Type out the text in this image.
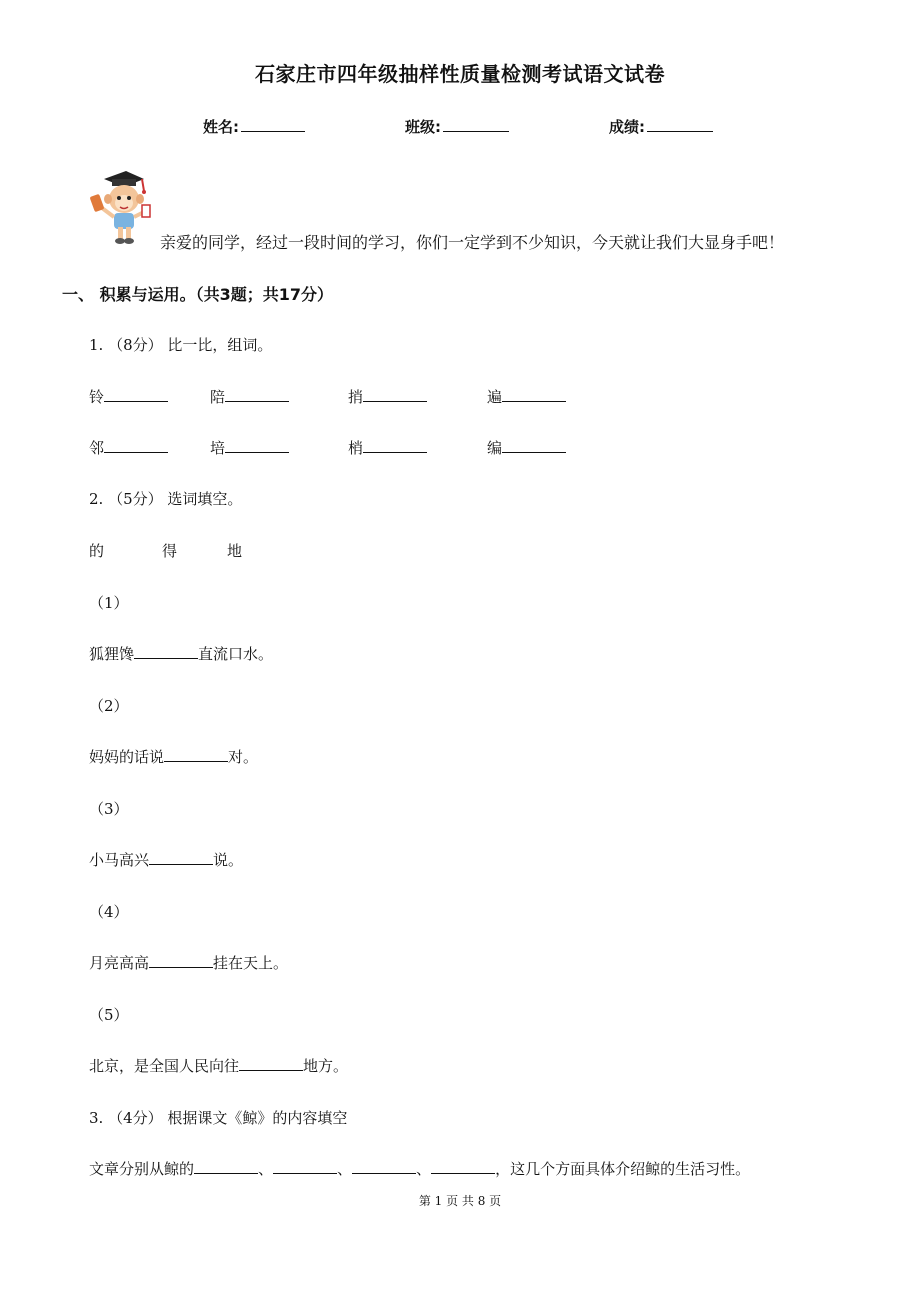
石家庄市四年级抽样性质量检测考试语文试卷
姓名:	班级:	成绩:
亲爱的同学，经过一段时间的学习，你们一定学到不少知识，今天就让我们大显身手吧！
一、 积累与运用。（共3题；共17分）
1. （8分） 比一比，组词。
铃	陪	捎	遍
邻	培	梢	编
2. （5分） 选词填空。
的	得	地
（1）
狐狸馋	直流口水。
（2）
妈妈的话说	对。
（3）
小马高兴	说。
（4）
月亮高高	挂在天上。
（5）
北京，是全国人民向往	地方。
3. （4分） 根据课文《鲸》的内容填空
文章分别从鲸的	、	、	、	，这几个方面具体介绍鲸的生活习性。
第 1 页 共 8 页
